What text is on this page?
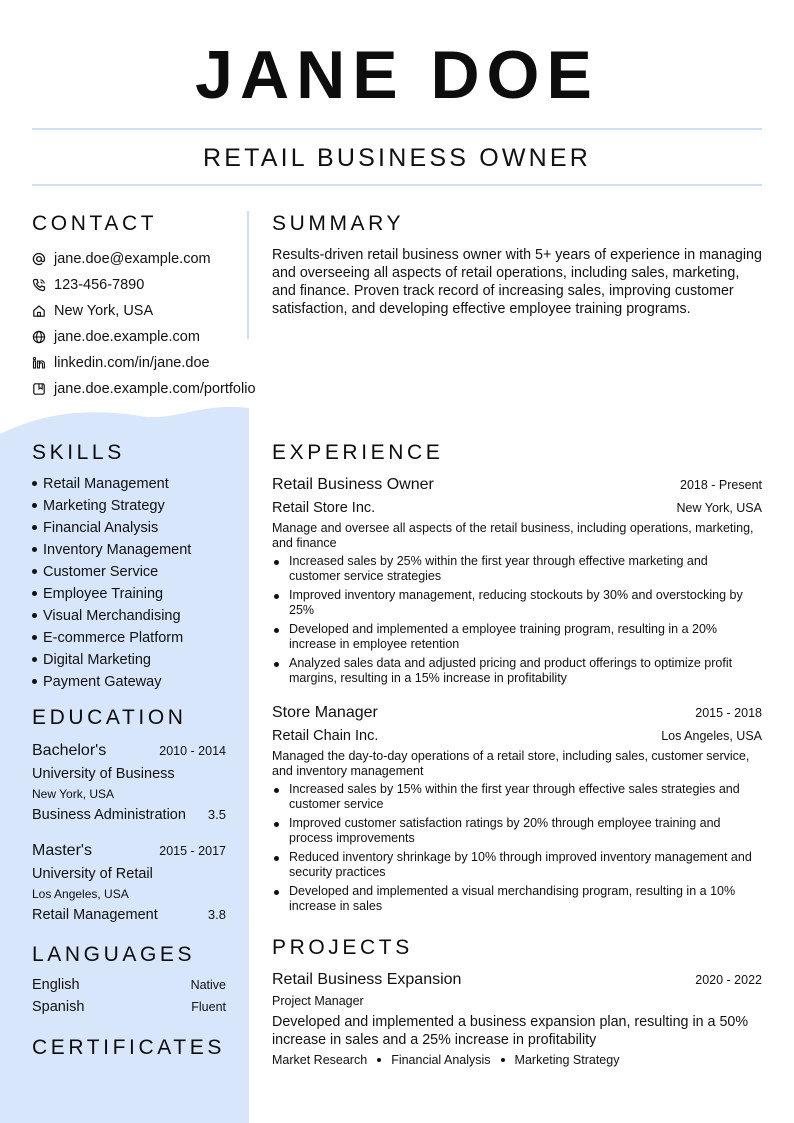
JANE DOE
RETAIL BUSINESS OWNER
CONTACT
jane.doe@example.com
123-456-7890
New York, USA
jane.doe.example.com
linkedin.com/in/jane.doe
jane.doe.example.com/portfolio
SUMMARY

Results-driven retail business owner with 5+ years of experience in managing and overseeing all aspects of retail operations, including sales, marketing, and finance. Proven track record of increasing sales, improving customer satisfaction, and developing effective employee training programs.

SKILLS
Retail Management
Marketing Strategy
Financial Analysis
Inventory Management
Customer Service
Employee Training
Visual Merchandising
E-commerce Platform
Digital Marketing
Payment Gateway
EDUCATION
Bachelor's	2010 - 2014
University of Business
New York, USA
Business Administration 3.5
Master's	2015 - 2017
University of Retail
Los Angeles, USA
Retail Management	3.8
LANGUAGES
English	Native
Spanish	Fluent
CERTIFICATES
EXPERIENCE
Retail Business Owner	2018 - Present
Retail Store Inc.	New York, USA
Manage and oversee all aspects of the retail business, including operations, marketing, and finance
Increased sales by 25% within the first year through effective marketing and customer service strategies
Improved inventory management, reducing stockouts by 30% and overstocking by 25%
Developed and implemented a employee training program, resulting in a 20% increase in employee retention
Analyzed sales data and adjusted pricing and product offerings to optimize profit margins, resulting in a 15% increase in profitability
Store Manager	2015 - 2018
Retail Chain Inc.	Los Angeles, USA
Managed the day-to-day operations of a retail store, including sales, customer service, and inventory management
Increased sales by 15% within the first year through effective sales strategies and customer service
Improved customer satisfaction ratings by 20% through employee training and process improvements
Reduced inventory shrinkage by 10% through improved inventory management and security practices
Developed and implemented a visual merchandising program, resulting in a 10% increase in sales
PROJECTS
Retail Business Expansion	2020 - 2022
Project Manager
Developed and implemented a business expansion plan, resulting in a 50% increase in sales and a 25% increase in profitability
Market Research Financial Analysis Marketing Strategy
